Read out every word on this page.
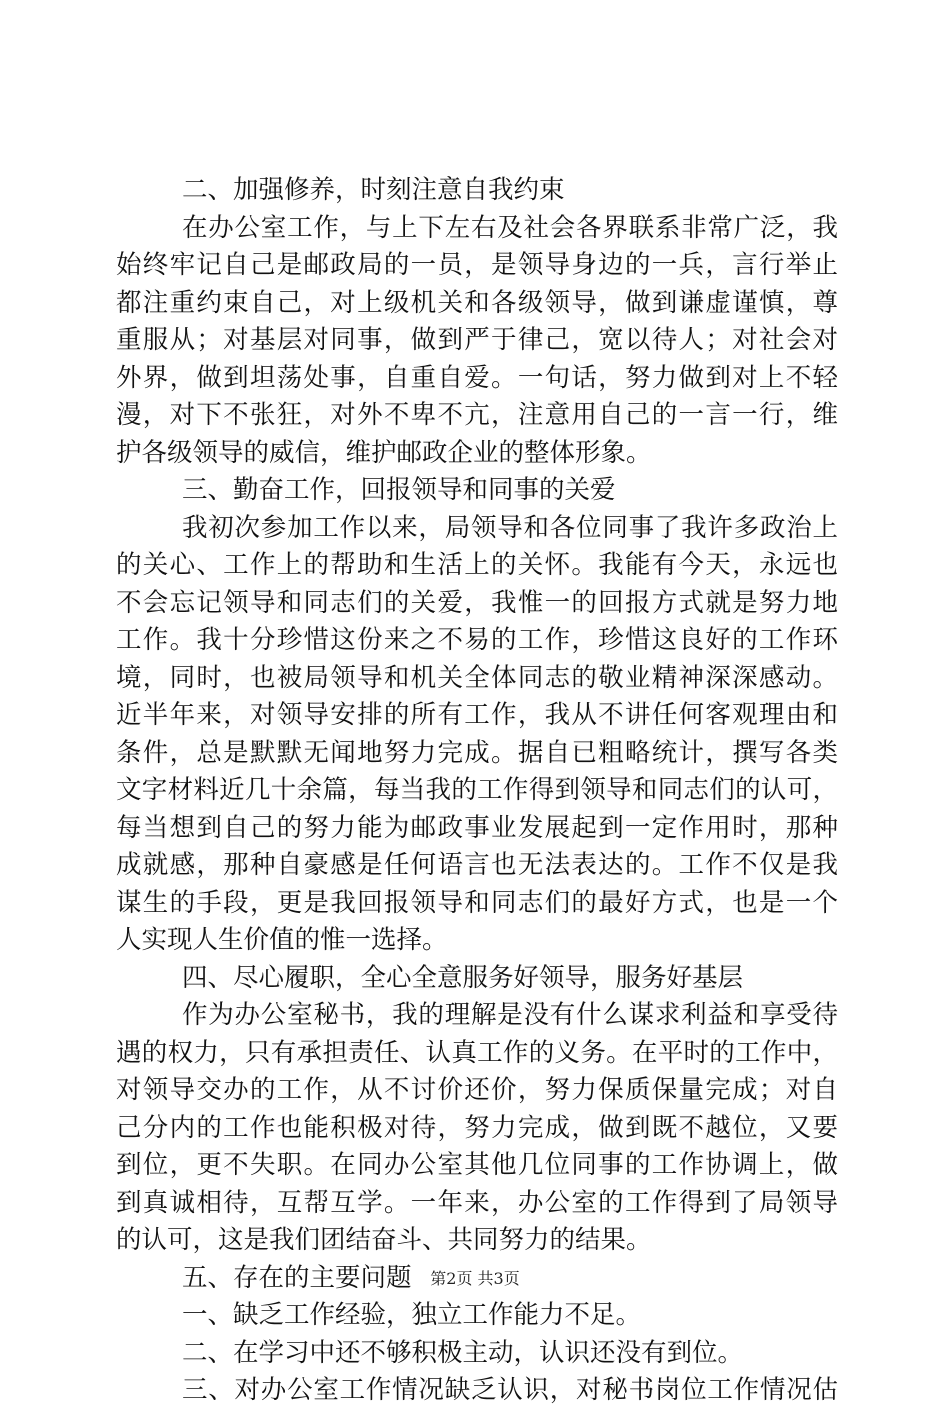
二、加强修养，时刻注意自我约束
在办公室工作，与上下左右及社会各界联系非常广泛，我
始终牢记自己是邮政局的一员，是领导身边的一兵，言行举止
都注重约束自己，对上级机关和各级领导，做到谦虚谨慎，尊
重服从；对基层对同事，做到严于律己，宽以待人；对社会对
外界，做到坦荡处事，自重自爱。一句话，努力做到对上不轻
漫，对下不张狂，对外不卑不亢，注意用自己的一言一行，维
护各级领导的威信，维护邮政企业的整体形象。
三、勤奋工作，回报领导和同事的关爱
我初次参加工作以来，局领导和各位同事了我许多政治上
的关心、工作上的帮助和生活上的关怀。我能有今天，永远也
不会忘记领导和同志们的关爱，我惟一的回报方式就是努力地
工作。我十分珍惜这份来之不易的工作，珍惜这良好的工作环
境，同时，也被局领导和机关全体同志的敬业精神深深感动。
近半年来，对领导安排的所有工作，我从不讲任何客观理由和
条件，总是默默无闻地努力完成。据自已粗略统计，撰写各类
文字材料近几十余篇，每当我的工作得到领导和同志们的认可，
每当想到自己的努力能为邮政事业发展起到一定作用时，那种
成就感，那种自豪感是任何语言也无法表达的。工作不仅是我
谋生的手段，更是我回报领导和同志们的最好方式，也是一个
人实现人生价值的惟一选择。
四、尽心履职，全心全意服务好领导，服务好基层
作为办公室秘书，我的理解是没有什么谋求利益和享受待
遇的权力，只有承担责任、认真工作的义务。在平时的工作中，
对领导交办的工作，从不讨价还价，努力保质保量完成；对自
己分内的工作也能积极对待，努力完成，做到既不越位，又要
到位，更不失职。在同办公室其他几位同事的工作协调上，做
到真诚相待，互帮互学。一年来，办公室的工作得到了局领导
的认可，这是我们团结奋斗、共同努力的结果。
五、存在的主要问题
一、缺乏工作经验，独立工作能力不足。
二、在学习中还不够积极主动，认识还没有到位。
三、对办公室工作情况缺乏认识，对秘书岗位工作情况估
第2页 共3页
